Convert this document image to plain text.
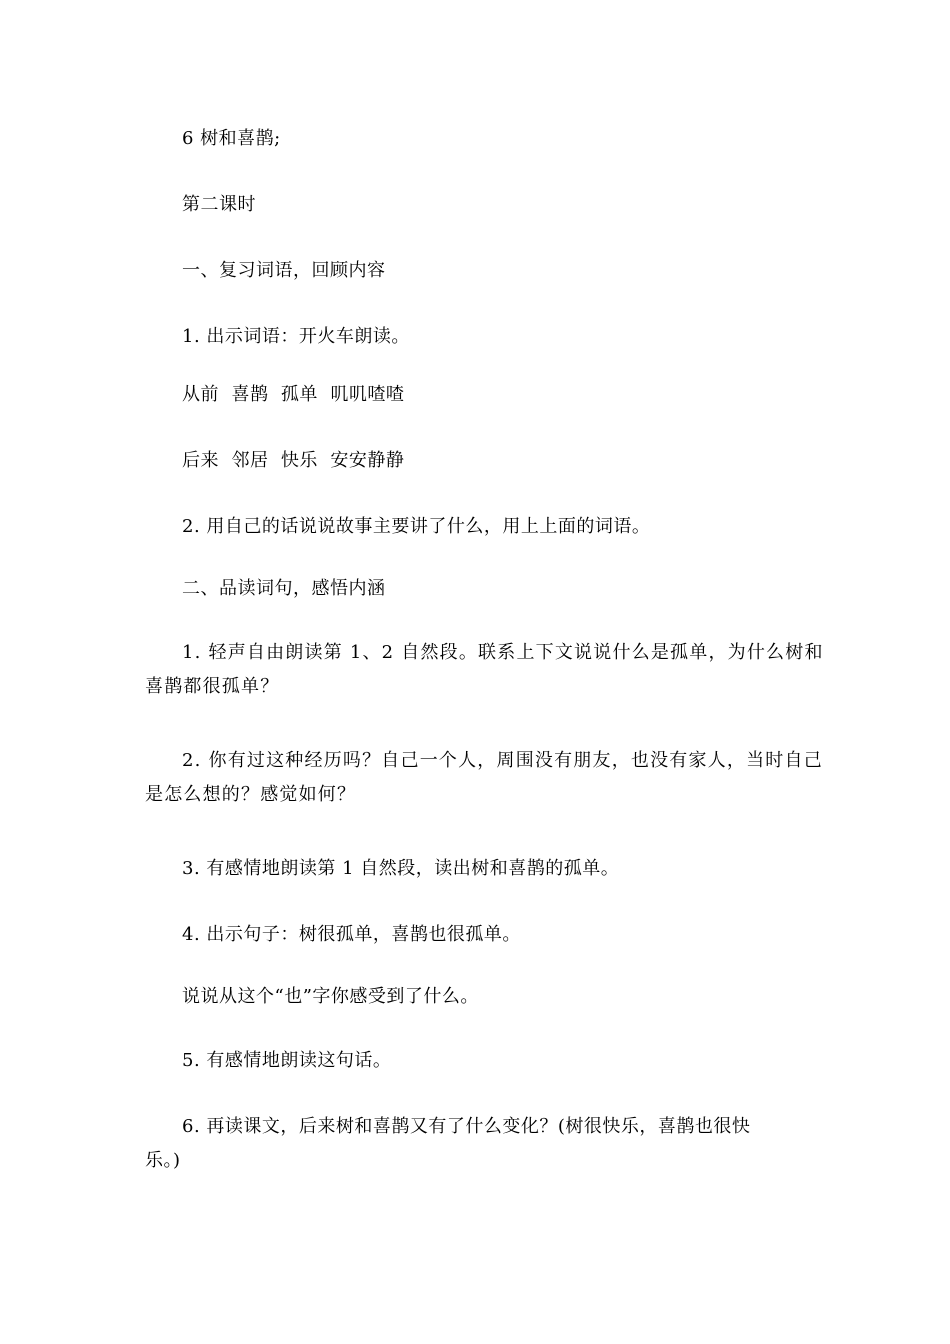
6 树和喜鹊;
第二课时
一、复习词语，回顾内容
1. 出示词语：开火车朗读。
从前  喜鹊  孤单  叽叽喳喳
后来  邻居  快乐  安安静静
2. 用自己的话说说故事主要讲了什么，用上上面的词语。
二、品读词句，感悟内涵
1. 轻声自由朗读第 1、2 自然段。联系上下文说说什么是孤单，为什么树和喜鹊都很孤单？
2. 你有过这种经历吗？自己一个人，周围没有朋友，也没有家人，当时自己是怎么想的？感觉如何？
3. 有感情地朗读第 1 自然段，读出树和喜鹊的孤单。
4. 出示句子：树很孤单，喜鹊也很孤单。
说说从这个“也”字你感受到了什么。
5. 有感情地朗读这句话。
6. 再读课文，后来树和喜鹊又有了什么变化？(树很快乐，喜鹊也很快乐。)
